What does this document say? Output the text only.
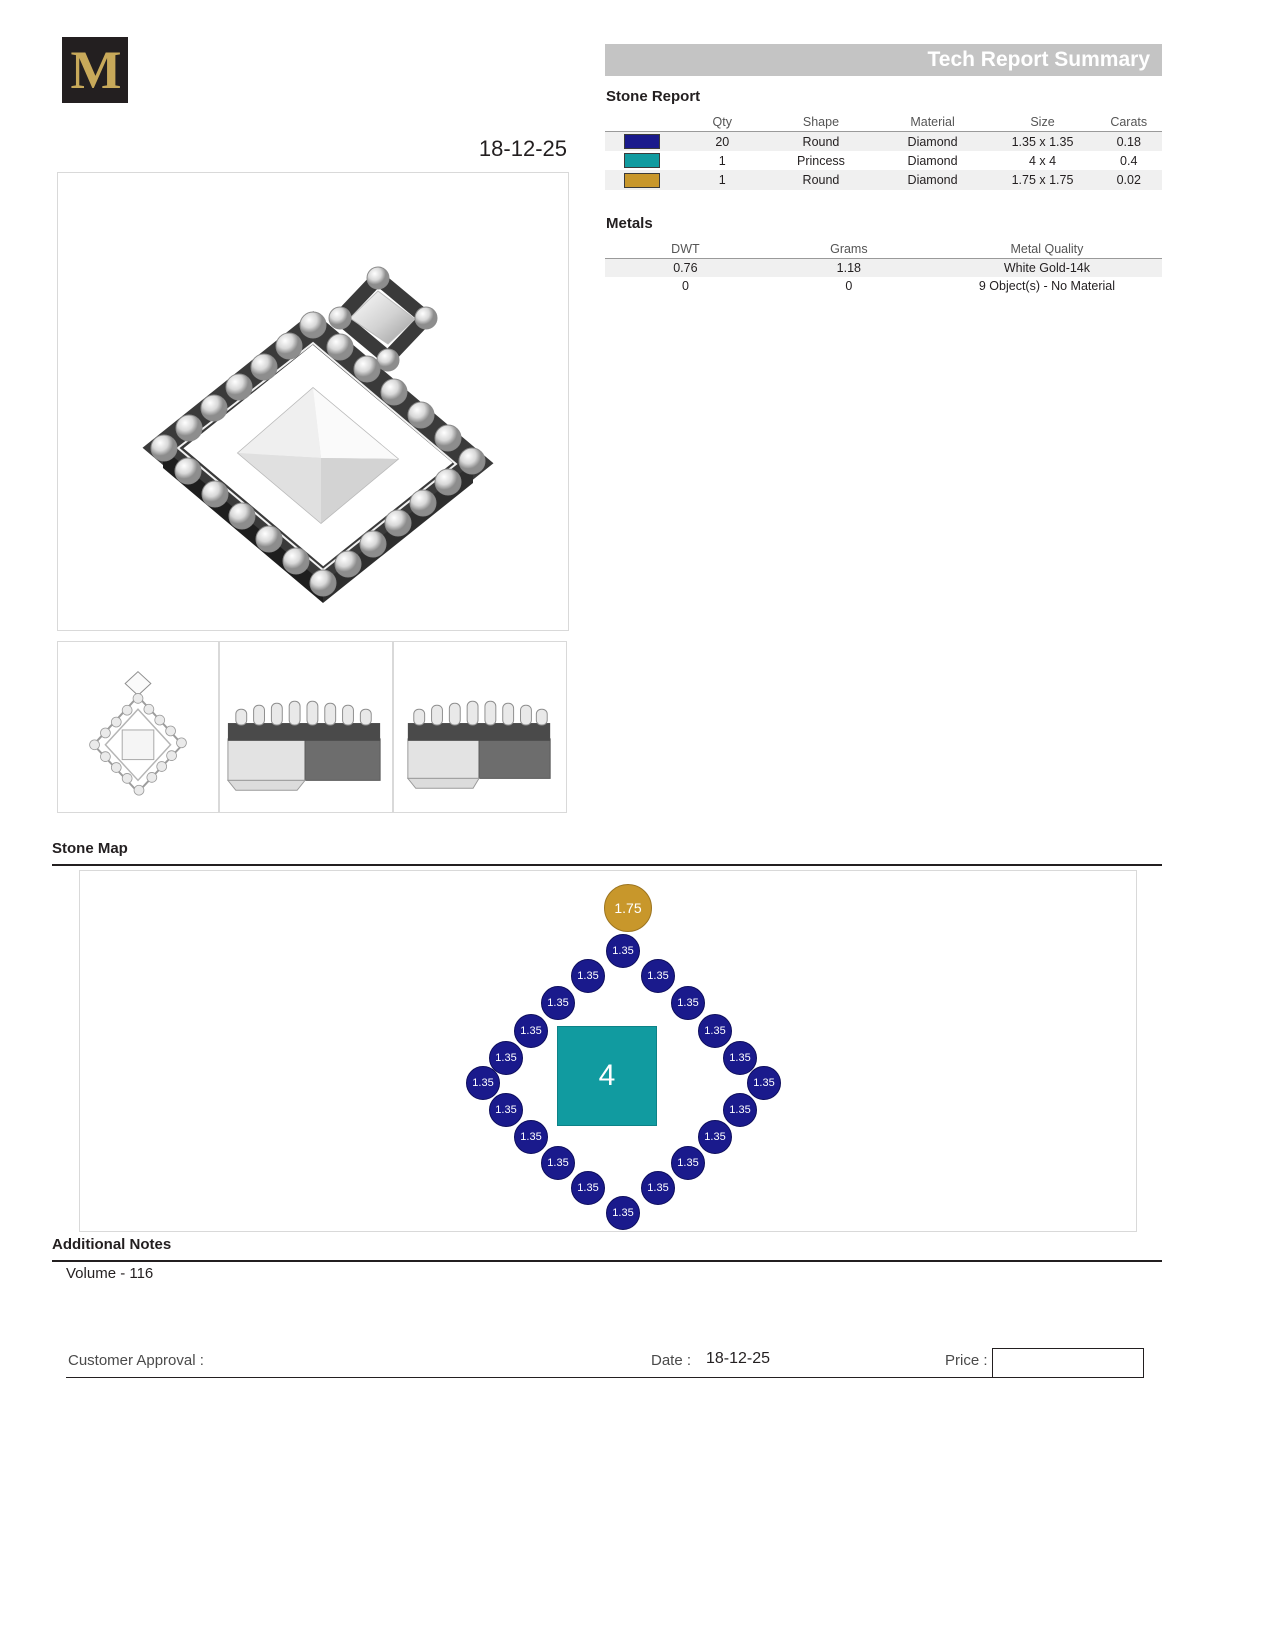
M
18-12-25
Tech Report Summary
Stone Report
	Qty	Shape	Material	Size	Carats
	20	Round	Diamond	1.35 x 1.35	0.18
	1	Princess	Diamond	4 x 4	0.4
	1	Round	Diamond	1.75 x 1.75	0.02
Metals
DWT	Grams	Metal Quality
0.76	1.18	White Gold-14k
0	0	9 Object(s) - No Material
Stone Map
1.75
4
1.35
1.35	1.35
1.35	1.35
1.35	1.35
1.35	1.35
1.35	1.35
1.35	1.35
1.35	1.35
1.35	1.35
1.35	1.35
1.35
Additional Notes
Volume - 116
Customer Approval :	Date : 18-12-25	Price :
